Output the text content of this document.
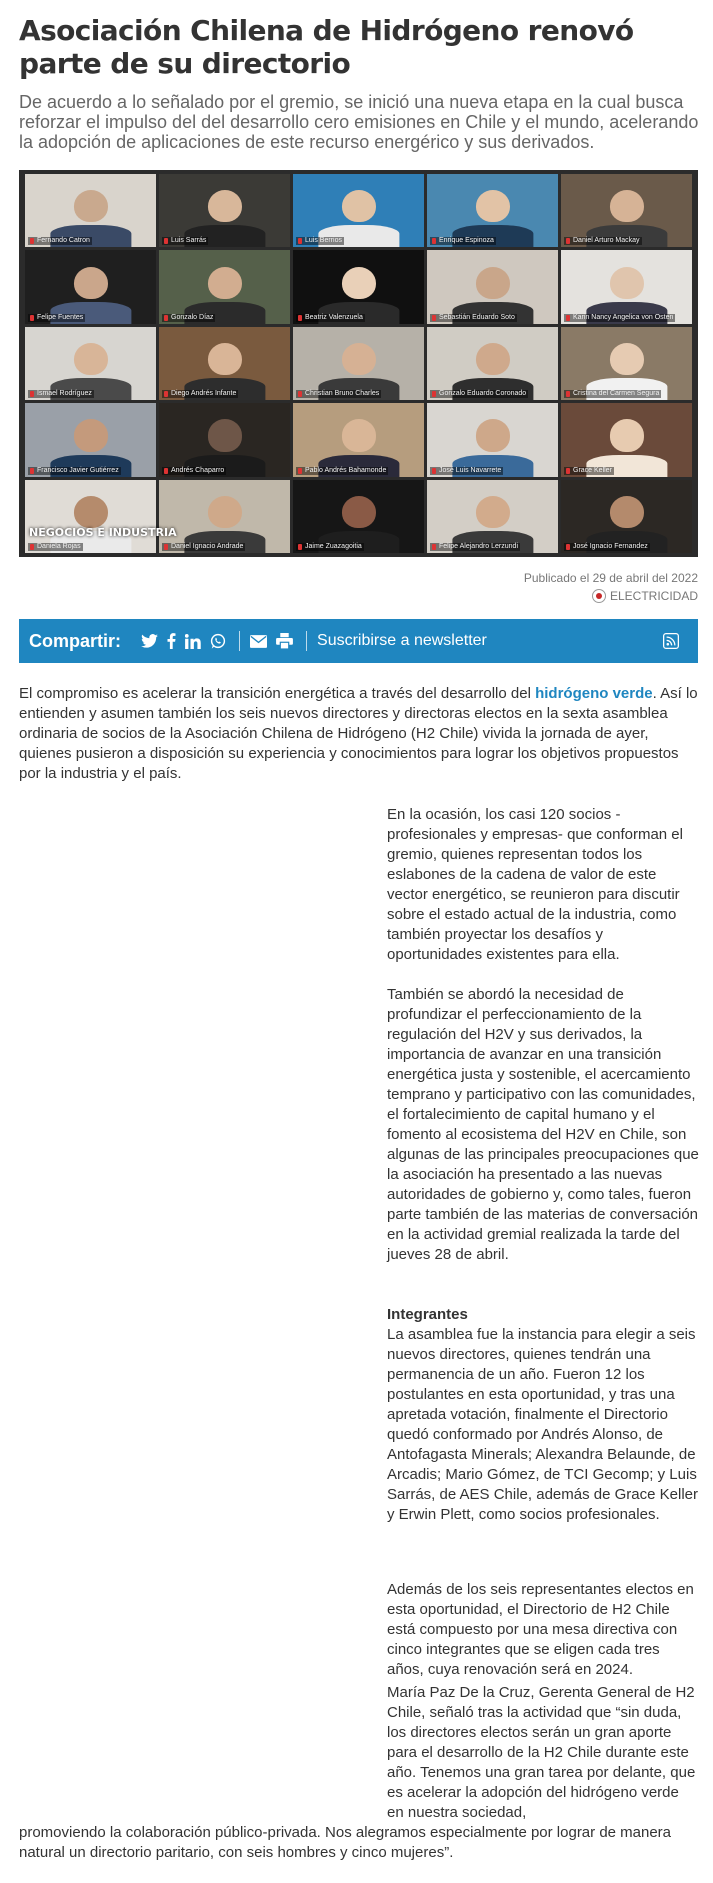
Asociación Chilena de Hidrógeno renovó parte de su directorio

De acuerdo a lo señalado por el gremio, se inició una nueva etapa en la cual busca reforzar el impulso del del desarrollo cero emisiones en Chile y el mundo, acelerando la adopción de aplicaciones de este recurso energérico y sus derivados.

Fernando Catron	Luis Sarrás	Luis Berrios	Enrique Espinoza	Daniel Arturo Mackay
Felipe Fuentes	Gonzalo Díaz	Beatriz Valenzuela	Sebastián Eduardo Soto	Karin Nancy Angelica von Osten
Ismael Rodríguez	Diego Andrés Infante	Christian Bruno Charles	Gonzalo Eduardo Coronado	Cristina del Carmen Segura
Francisco Javier Gutiérrez	Andrés Chaparro	Pablo Andrés Bahamonde	José Luis Navarrete	Grace Keller
Daniela Rojas	Daniel Ignacio Andrade	Jaime Zuazagoitia	Felipe Alejandro Lerzundi	José Ignacio Fernandez
NEGOCIOS E INDUSTRIA
Publicado el 29 de abril del 2022
ELECTRICIDAD
Compartir:	Suscribirse a newsletter

El compromiso es acelerar la transición energética a través del desarrollo del hidrógeno verde. Así lo entienden y asumen también los seis nuevos directores y directoras electos en la sexta asamblea ordinaria de socios de la Asociación Chilena de Hidrógeno (H2 Chile) vivida la jornada de ayer, quienes pusieron a disposición su experiencia y conocimientos para lograr los objetivos propuestos por la industria y el país.

En la ocasión, los casi 120 socios -profesionales y empresas- que conforman el gremio, quienes representan todos los eslabones de la cadena de valor de este vector energético, se reunieron para discutir sobre el estado actual de la industria, como también proyectar los desafíos y oportunidades existentes para ella.

También se abordó la necesidad de profundizar el perfeccionamiento de la regulación del H2V y sus derivados, la importancia de avanzar en una transición energética justa y sostenible, el acercamiento temprano y participativo con las comunidades, el fortalecimiento de capital humano y el fomento al ecosistema del H2V en Chile, son algunas de las principales preocupaciones que la asociación ha presentado a las nuevas autoridades de gobierno y, como tales, fueron parte también de las materias de conversación en la actividad gremial realizada la tarde del jueves 28 de abril.

Integrantes
La asamblea fue la instancia para elegir a seis nuevos directores, quienes tendrán una permanencia de un año. Fueron 12 los postulantes en esta oportunidad, y tras una apretada votación, finalmente el Directorio quedó conformado por Andrés Alonso, de Antofagasta Minerals; Alexandra Belaunde, de Arcadis; Mario Gómez, de TCI Gecomp; y Luis Sarrás, de AES Chile, además de Grace Keller y Erwin Plett, como socios profesionales.

Además de los seis representantes electos en esta oportunidad, el Directorio de H2 Chile está compuesto por una mesa directiva con cinco integrantes que se eligen cada tres años, cuya renovación será en 2024.

María Paz De la Cruz, Gerenta General de H2 Chile, señaló tras la actividad que “sin duda, los directores electos serán un gran aporte para el desarrollo de la H2 Chile durante este año. Tenemos una gran tarea por delante, que es acelerar la adopción del hidrógeno verde en nuestra sociedad,

promoviendo la colaboración público-privada. Nos alegramos especialmente por lograr de manera natural un directorio paritario, con seis hombres y cinco mujeres”.
